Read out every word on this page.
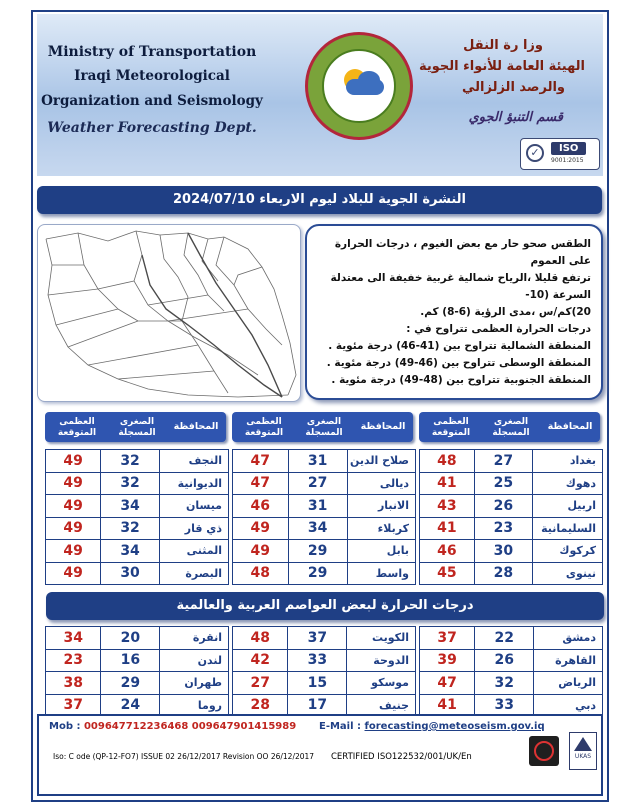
Ministry of Transportation
Iraqi Meteorological
Organization and Seismology
Weather Forecasting Dept.
وزا رة النقل
الهيئة العامة للأنواء الجوية
والرصد الزلزالي
قسم التنبؤ الجوي
✓	ISO
9001:2015
النشرة الجوية للبلاد ليوم الاربعاء 2024/07/10
الطقس صحو حار مع بعض الغيوم ، درجات الحرارة على العموم
ترتفع قليلا ،الرياح شمالية غربية خفيفة الى معتدلة السرعة (10-
20)كم/س ،مدى الرؤية (6-8) كم.
درجات الحرارة العظمى تتراوح في :
المنطقة الشمالية تتراوح بين (41-46) درجة مئوية .
المنطقة الوسطى تتراوح بين (46-49) درجة مئوية .
المنطقة الجنوبية تتراوح بين (48-49) درجة مئوية .
المحافظة
الصغرى
المسجلة
العظمى
المتوقعة
المحافظة
الصغرى
المسجلة
العظمى
المتوقعة
المحافظة
الصغرى
المسجلة
العظمى
المتوقعة
48	27	بغداد
41	25	دهوك
43	26	اربيل
41	23	السليمانية
46	30	كركوك
45	28	نينوى
47	31	صلاح الدين
47	27	ديالى
46	31	الانبار
49	34	كربلاء
49	29	بابل
48	29	واسط
49	32	النجف
49	32	الديوانية
49	34	ميسان
49	32	ذي قار
49	34	المثنى
49	30	البصرة
درجات الحرارة لبعض العواصم العربية والعالمية
37	22	دمشق
39	26	القاهرة
47	32	الرياض
41	33	دبي
48	37	الكويت
42	33	الدوحة
27	15	موسكو
28	17	جنيف
34	20	انقرة
23	16	لندن
38	29	طهران
37	24	روما
Mob : 009647712236468 009647901415989 E-Mail : forecasting@meteoseism.gov.iq
Iso: C ode (QP-12-FO7) ISSUE 02 26/12/2017 Revision OO 26/12/2017 CERTIFIED ISO122532/001/UK/En	UKAS
